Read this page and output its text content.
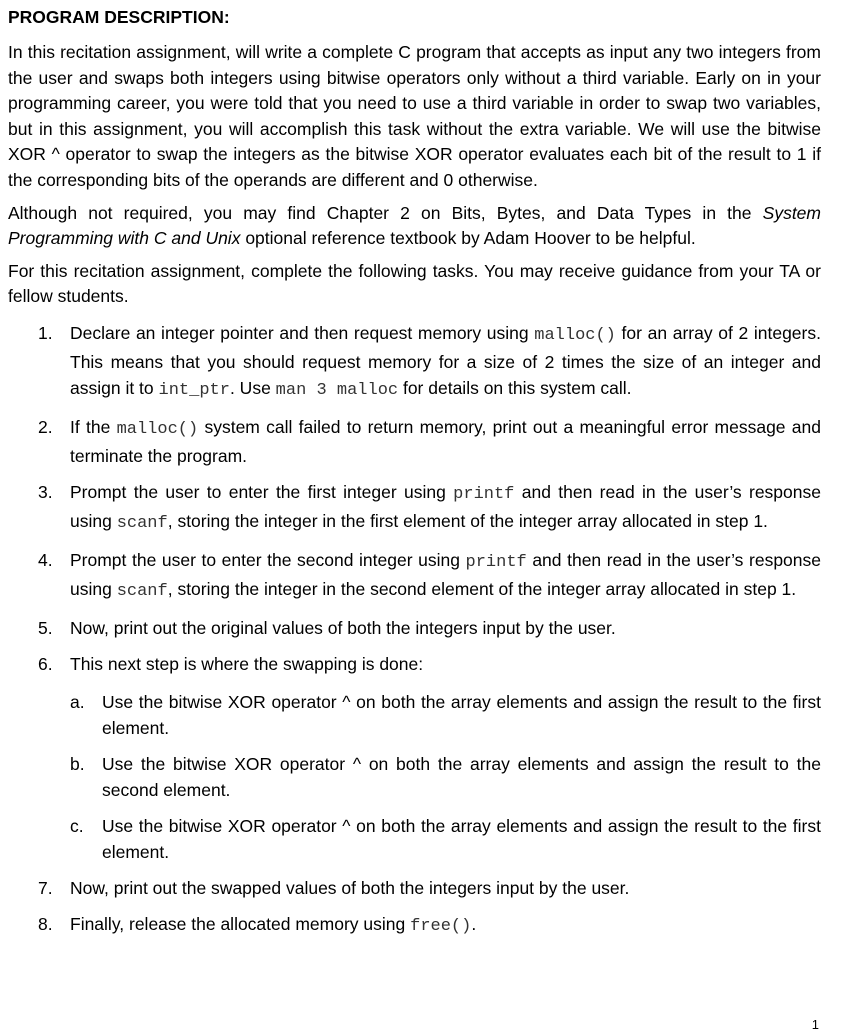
PROGRAM DESCRIPTION:

In this recitation assignment, will write a complete C program that accepts as input any two integers from the user and swaps both integers using bitwise operators only without a third variable. Early on in your programming career, you were told that you need to use a third variable in order to swap two variables, but in this assignment, you will accomplish this task without the extra variable. We will use the bitwise XOR ^ operator to swap the integers as the bitwise XOR operator evaluates each bit of the result to 1 if the corresponding bits of the operands are different and 0 otherwise.

Although not required, you may find Chapter 2 on Bits, Bytes, and Data Types in the System Programming with C and Unix optional reference textbook by Adam Hoover to be helpful.

For this recitation assignment, complete the following tasks. You may receive guidance from your TA or fellow students.

1. Declare an integer pointer and then request memory using malloc() for an array of 2 integers. This means that you should request memory for a size of 2 times the size of an integer and assign it to int_ptr. Use man 3 malloc for details on this system call.
2. If the malloc() system call failed to return memory, print out a meaningful error message and terminate the program.
3. Prompt the user to enter the first integer using printf and then read in the user’s response using scanf, storing the integer in the first element of the integer array allocated in step 1.
4. Prompt the user to enter the second integer using printf and then read in the user’s response using scanf, storing the integer in the second element of the integer array allocated in step 1.
5. Now, print out the original values of both the integers input by the user.
6. This next step is where the swapping is done:
a. Use the bitwise XOR operator ^ on both the array elements and assign the result to the first element.
b. Use the bitwise XOR operator ^ on both the array elements and assign the result to the second element.
c. Use the bitwise XOR operator ^ on both the array elements and assign the result to the first element.
7. Now, print out the swapped values of both the integers input by the user.
8. Finally, release the allocated memory using free().
1
